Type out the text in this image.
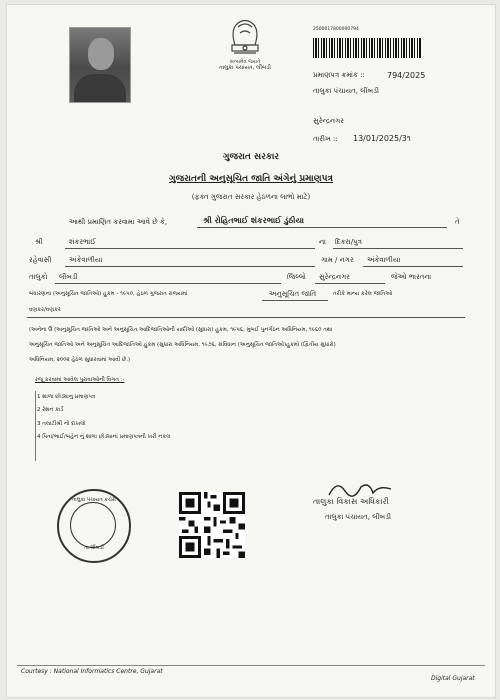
સત્યમેવ જયતે
તાલુકા પંચાયત, લીંબડી
2500017800000794
પ્રમાણપત્ર ક્રમાંક ::	794/2025
તાલુકા પંચાયત, લીંબડી
સુરેન્દ્રનગર
તારીખ :: 13/01/2025/3૧
ગુજરાત સરકાર
ગુજરાતની અનુસૂચિત જાતિ અંગેનું પ્રમાણપત્ર
(ફક્ત ગુજરાત સરકાર હેઠળના લાભો માટે)
આથી પ્રમાણિત કરવામાં આવે છે કે,	શ્રી રોહિતભાઈ શંકરભાઈ ડુંઠીયા	તે
શ્રી	શંકરભાઈ	ના દિકરા/પુત્ર
રહેવાસી	અંકેવાળીયા	ગામ / નગર અંકેવાળીયા
તાલુકો લીંબડી	જિલ્લો સુરેન્દ્રનગર	જેઓ ભારતના
બંધારણના (અનુસૂચિત જાતિઓ) હુકમ - ૧૯૫૦, હેઠળ ગુજરાત રાજ્યમાં	અનુસૂચિત જાતિ	તરીકે માન્ય કરેલ જાતિઓ
વણકર/વણકર
(અનેના ઉ (અનુસૂચિત જાતિઓ અને અનુસૂચિત આદિજાતિઓની યાદીઓ (સુધારા) હુકમ, ૧૯૫૬, મુંબઈ પુનર્ગઠન અધિનિયમ, ૧૯૬૦ તથા
અનુસૂચિત જાતિઓ અને અનુસૂચિત આદિજાતિઓ હુકમ (સુધારા અધિનિયમ, ૧૯૭૬, સંવિધાન (અનુસૂચિત જાતિઓ)હુકમો (દ્વિતીય સુધારો)
અધિનિયમ, ૨૦૦૨ હેઠળ સુધારવામાં આવી છે.)
રજૂ કરવામાં આવેલ પુરાવાઓની વિગત :-
1 શાળા છોડ્યાનુ પ્રમાણપત્ર
2 રેશન કાર્ડ
3 તલાટીશ્રી નો દાખલો
4 પિતા/ભાઈ/બહેન નું શાળા છોડ્યાનાં પ્રમાણપત્રની ખરી નકલ
તાલુકા પંચાયત કચેરી
તા.લીંબડી
તાલુકા વિકાસ અધિકારી
તાલુકા પંચાયત, લીંબડી
Courtesy : National Informatics Centre, Gujarat
Digital Gujarat
